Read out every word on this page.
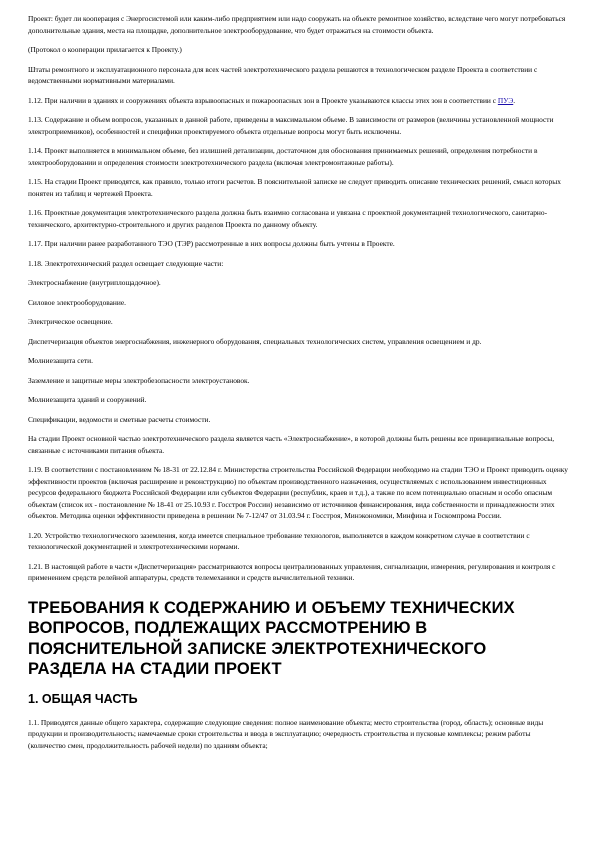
Проект: будет ли кооперация с Энергосистемой или каким-либо предприятием или надо сооружать на объекте ремонтное хозяйство, вследствие чего могут потребоваться дополнительные здания, места на площадке, дополнительное электрооборудование, что будет отражаться на стоимости объекта.

(Протокол о кооперации прилагается к Проекту.)

Штаты ремонтного и эксплуатационного персонала для всех частей электротехнического раздела решаются в технологическом разделе Проекта в соответствии с ведомственными нормативными материалами.

1.12. При наличии в зданиях и сооружениях объекта взрывоопасных и пожароопасных зон в Проекте указываются классы этих зон в соответствии с ПУЭ.

1.13. Содержание и объем вопросов, указанных в данной работе, приведены в максимальном объеме. В зависимости от размеров (величины установленной мощности электроприемников), особенностей и специфики проектируемого объекта отдельные вопросы могут быть исключены.

1.14. Проект выполняется в минимальном объеме, без излишней детализации, достаточном для обоснования принимаемых решений, определения потребности в электрооборудовании и определения стоимости электротехнического раздела (включая электромонтажные работы).

1.15. На стадии Проект приводятся, как правило, только итоги расчетов. В пояснительной записке не следует приводить описание технических решений, смысл которых понятен из таблиц и чертежей Проекта.

1.16. Проектные документация электротехнического раздела должна быть взаимно согласована и увязана с проектной документацией технологического, санитарно-технического, архитектурно-строительного и других разделов Проекта по данному объекту.

1.17. При наличии ранее разработанного ТЭО (ТЭР) рассмотренные в них вопросы должны быть учтены в Проекте.

1.18. Электротехнический раздел освещает следующие части:

Электроснабжение (внутриплощадочное).

Силовое электрооборудование.

Электрическое освещение.

Диспетчеризация объектов энергоснабжения, инженерного оборудования, специальных технологических систем, управления освещением и др.

Молниезащита сети.

Заземление и защитные меры электробезопасности электроустановок.

Молниезащита зданий и сооружений.

Спецификации, ведомости и сметные расчеты стоимости.

На стадии Проект основной частью электротехнического раздела является часть «Электроснабжение», в которой должны быть решены все принципиальные вопросы, связанные с источниками питания объекта.

1.19. В соответствии с постановлением № 18-31 от 22.12.84 г. Министерства строительства Российской Федерации необходимо на стадии ТЭО и Проект приводить оценку эффективности проектов (включая расширение и реконструкцию) по объектам производственного назначения, осуществляемых с использованием инвестиционных ресурсов федерального бюджета Российской Федерации или субъектов Федерации (республик, краев и т.д.), а также по всем потенциально опасным и особо опасным объектам (список их - постановление № 18-41 от 25.10.93 г. Госстроя России) независимо от источников финансирования, вида собственности и принадлежности этих объектов. Методика оценки эффективности приведена в решении № 7-12/47 от 31.03.94 г. Госстроя, Минэкономики, Минфина и Госкомпрома России.

1.20. Устройство технологического заземления, когда имеется специальное требование технологов, выполняется в каждом конкретном случае в соответствии с технологической документацией и электротехническими нормами.

1.21. В настоящей работе в части «Диспетчеризация» рассматриваются вопросы централизованных управления, сигнализации, измерения, регулирования и контроля с применением средств релейной аппаратуры, средств телемеханики и средств вычислительной техники.

ТРЕБОВАНИЯ К СОДЕРЖАНИЮ И ОБЪЕМУ ТЕХНИЧЕСКИХ ВОПРОСОВ, ПОДЛЕЖАЩИХ РАССМОТРЕНИЮ В ПОЯСНИТЕЛЬНОЙ ЗАПИСКЕ ЭЛЕКТРОТЕХНИЧЕСКОГО РАЗДЕЛА НА СТАДИИ ПРОЕКТ
1. ОБЩАЯ ЧАСТЬ

1.1. Приводятся данные общего характера, содержащие следующие сведения: полное наименование объекта; место строительства (город, область); основные виды продукции и производительность; намечаемые сроки строительства и ввода в эксплуатацию; очередность строительства и пусковые комплексы; режим работы (количество смен, продолжительность рабочей недели) по зданиям объекта;
